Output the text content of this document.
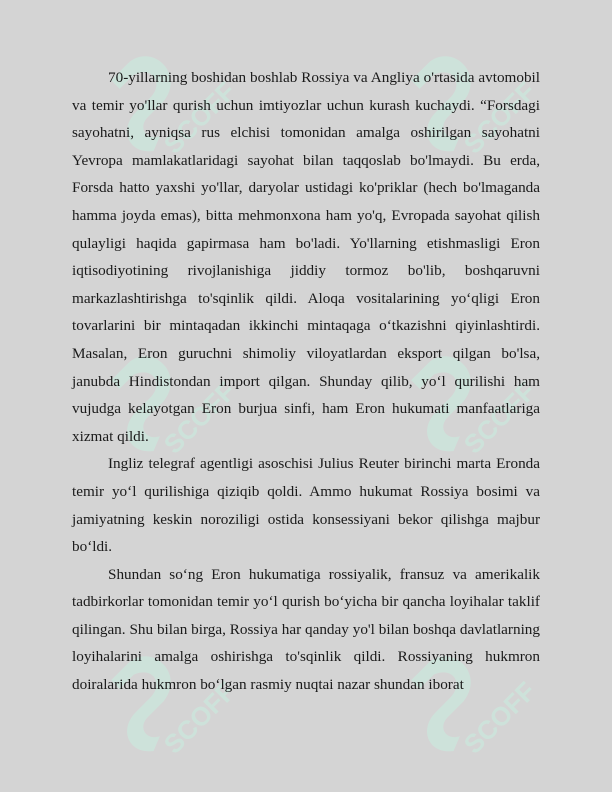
SCOFF	SCOFF
SCOFF	SCOFF
SCOFF	SCOFF

70-yillarning boshidan boshlab Rossiya va Angliya o'rtasida avtomobil va temir yo'llar qurish uchun imtiyozlar uchun kurash kuchaydi. “Forsdagi sayohatni, ayniqsa rus elchisi tomonidan amalga oshirilgan sayohatni Yevropa mamlakatlaridagi sayohat bilan taqqoslab bo'lmaydi. Bu erda, Forsda hatto yaxshi yo'llar, daryolar ustidagi ko'priklar (hech bo'lmaganda hamma joyda emas), bitta mehmonxona ham yo'q, Evropada sayohat qilish qulayligi haqida gapirmasa ham bo'ladi. Yo'llarning etishmasligi Eron iqtisodiyotining rivojlanishiga jiddiy tormoz bo'lib, boshqaruvni markazlashtirishga to'sqinlik qildi. Aloqa vositalarining yo‘qligi Eron tovarlarini bir mintaqadan ikkinchi mintaqaga o‘tkazishni qiyinlashtirdi. Masalan, Eron guruchni shimoliy viloyatlardan eksport qilgan bo'lsa, janubda Hindistondan import qilgan. Shunday qilib, yo‘l qurilishi ham vujudga kelayotgan Eron burjua sinfi, ham Eron hukumati manfaatlariga xizmat qildi.

Ingliz telegraf agentligi asoschisi Julius Reuter birinchi marta Eronda temir yo‘l qurilishiga qiziqib qoldi. Ammo hukumat Rossiya bosimi va jamiyatning keskin noroziligi ostida konsessiyani bekor qilishga majbur bo‘ldi.

Shundan so‘ng Eron hukumatiga rossiyalik, fransuz va amerikalik tadbirkorlar tomonidan temir yo‘l qurish bo‘yicha bir qancha loyihalar taklif qilingan. Shu bilan birga, Rossiya har qanday yo'l bilan boshqa davlatlarning loyihalarini amalga oshirishga to'sqinlik qildi. Rossiyaning hukmron doiralarida hukmron bo‘lgan rasmiy nuqtai nazar shundan iborat
